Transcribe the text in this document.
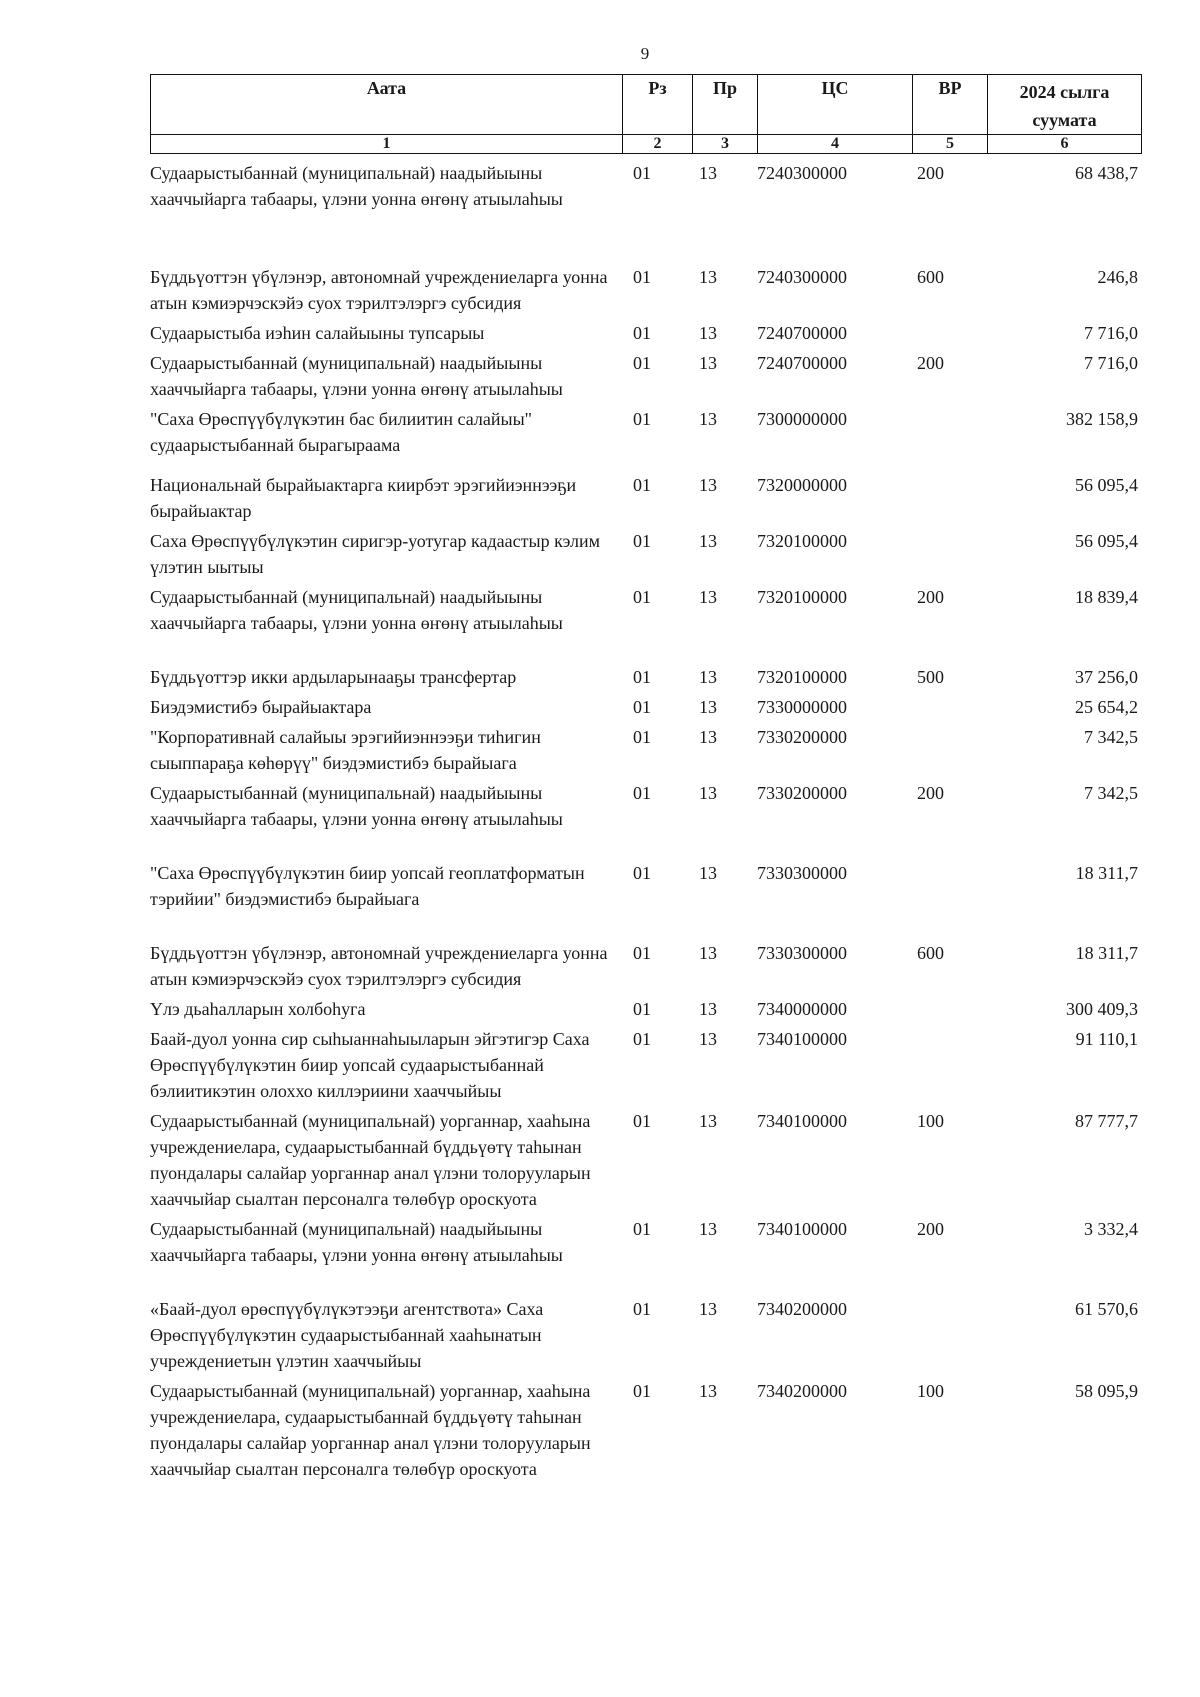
9
Аата	Рз	Пр	ЦС	ВР	2024 сылга суумата
1	2	3	4	5	6
Судаарыстыбаннай (муниципальнай) наадыйыыны хааччыйарга табаары, үлэни уонна өҥөнү атыылаһыы	01	13	7240300000	200	68 438,7
Бүддьүоттэн үбүлэнэр, автономнай учреждениеларга уонна атын кэмиэрчэскэйэ суох тэрилтэлэргэ субсидия	01	13	7240300000	600	246,8
Судаарыстыба иэһин салайыыны тупсарыы	01	13	7240700000		7 716,0
Судаарыстыбаннай (муниципальнай) наадыйыыны хааччыйарга табаары, үлэни уонна өҥөнү атыылаһыы	01	13	7240700000	200	7 716,0
"Саха Өрөспүүбүлүкэтин бас билиитин салайыы" судаарыстыбаннай бырагыраама	01	13	7300000000		382 158,9
Национальнай бырайыактарга киирбэт эрэгийиэннээҕи бырайыактар	01	13	7320000000		56 095,4
Саха Өрөспүүбүлүкэтин сиригэр-уотугар кадаастыр кэлим үлэтин ыытыы	01	13	7320100000		56 095,4
Судаарыстыбаннай (муниципальнай) наадыйыыны хааччыйарга табаары, үлэни уонна өҥөнү атыылаһыы	01	13	7320100000	200	18 839,4
Бүддьүоттэр икки ардыларынааҕы трансфертар	01	13	7320100000	500	37 256,0
Биэдэмистибэ бырайыактара	01	13	7330000000		25 654,2
"Корпоративнай салайыы эрэгийиэннээҕи тиһигин сыыппараҕа көһөрүү" биэдэмистибэ бырайыага	01	13	7330200000		7 342,5
Судаарыстыбаннай (муниципальнай) наадыйыыны хааччыйарга табаары, үлэни уонна өҥөнү атыылаһыы	01	13	7330200000	200	7 342,5
"Саха Өрөспүүбүлүкэтин биир уопсай геоплатформатын тэрийии" биэдэмистибэ бырайыага	01	13	7330300000		18 311,7
Бүддьүоттэн үбүлэнэр, автономнай учреждениеларга уонна атын кэмиэрчэскэйэ суох тэрилтэлэргэ субсидия	01	13	7330300000	600	18 311,7
Үлэ дьаһалларын холбоһуга	01	13	7340000000		300 409,3
Баай-дуол уонна сир сыһыаннаһыыларын эйгэтигэр Саха Өрөспүүбүлүкэтин биир уопсай судаарыстыбаннай бэлиитикэтин олоххо киллэриини хааччыйыы	01	13	7340100000		91 110,1
Судаарыстыбаннай (муниципальнай) уорганнар, хааһына учреждениелара, судаарыстыбаннай бүддьүөтү таһынан пуондалары салайар уорганнар анал үлэни толорууларын хааччыйар сыалтан персоналга төлөбүр ороскуота	01	13	7340100000	100	87 777,7
Судаарыстыбаннай (муниципальнай) наадыйыыны хааччыйарга табаары, үлэни уонна өҥөнү атыылаһыы	01	13	7340100000	200	3 332,4
«Баай-дуол өрөспүүбүлүкэтээҕи агентствота» Саха Өрөспүүбүлүкэтин судаарыстыбаннай хааһынатын учреждениетын үлэтин хааччыйыы	01	13	7340200000		61 570,6
Судаарыстыбаннай (муниципальнай) уорганнар, хааһына учреждениелара, судаарыстыбаннай бүддьүөтү таһынан пуондалары салайар уорганнар анал үлэни толорууларын хааччыйар сыалтан персоналга төлөбүр ороскуота	01	13	7340200000	100	58 095,9
